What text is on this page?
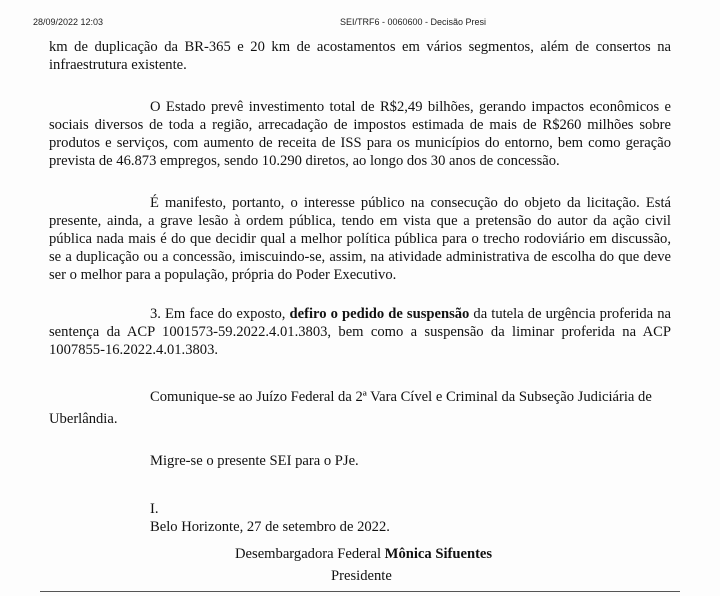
28/09/2022 12:03	SEI/TRF6 - 0060600 - Decisão Presi
km de duplicação da BR-365 e 20 km de acostamentos em vários segmentos, além de consertos na infraestrutura existente.
O Estado prevê investimento total de R$2,49 bilhões, gerando impactos econômicos e sociais diversos de toda a região, arrecadação de impostos estimada de mais de R$260 milhões sobre produtos e serviços, com aumento de receita de ISS para os municípios do entorno, bem como geração prevista de 46.873 empregos, sendo 10.290 diretos, ao longo dos 30 anos de concessão.
É manifesto, portanto, o interesse público na consecução do objeto da licitação. Está presente, ainda, a grave lesão à ordem pública, tendo em vista que a pretensão do autor da ação civil pública nada mais é do que decidir qual a melhor política pública para o trecho rodoviário em discussão, se a duplicação ou a concessão, imiscuindo-se, assim, na atividade administrativa de escolha do que deve ser o melhor para a população, própria do Poder Executivo.
3. Em face do exposto, defiro o pedido de suspensão da tutela de urgência proferida na sentença da ACP 1001573-59.2022.4.01.3803, bem como a suspensão da liminar proferida na ACP 1007855-16.2022.4.01.3803.
Comunique-se ao Juízo Federal da 2ª Vara Cível e Criminal da Subseção Judiciária de
Uberlândia.
Migre-se o presente SEI para o PJe.
I.
Belo Horizonte, 27 de setembro de 2022.
Desembargadora Federal Mônica Sifuentes
Presidente
